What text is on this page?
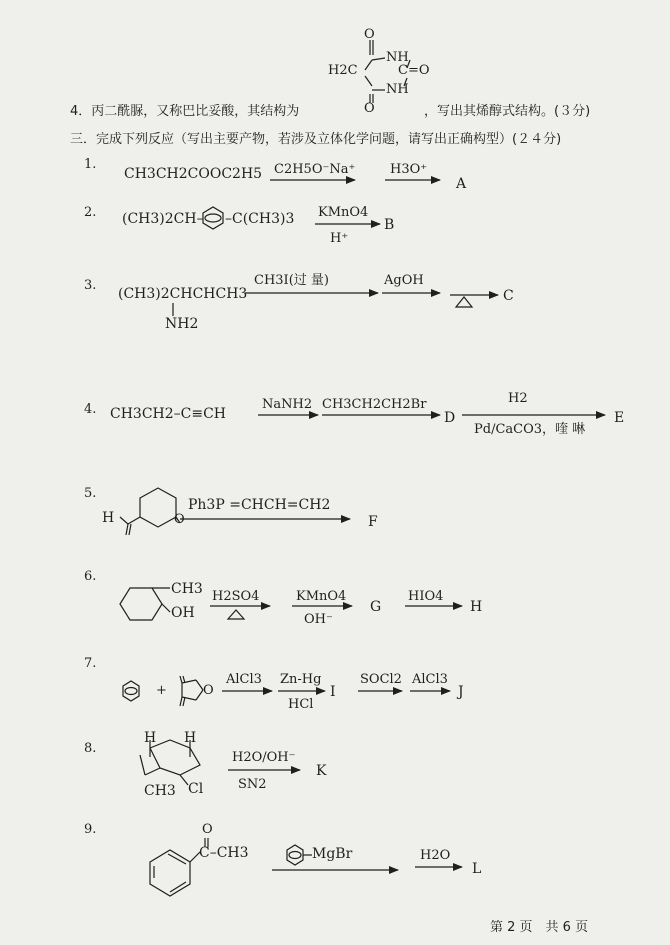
O
NH
H2C	C=O
NH
O
4．丙二酰脲，又称巴比妥酸，其结构为	，写出其烯醇式结构。(３分)
三．完成下列反应（写出主要产物，若涉及立体化学问题，请写出正确构型）(２４分)
1.
CH3CH2COOC2H5 C2H5O⁻Na⁺	H3O⁺
A
2. (CH3)2CH– –C(CH3)3 KMnO4
H⁺
B
3.
(CH3)2CHCHCH3
NH2
CH3I(过 量)	AgOH
C
4. CH3CH2–C≡CH
NaNH2 CH3CH2CH2Br
D
H2
Pd/CaCO3，喹 啉
E
5.
H	O
Ph3P =CHCH=CH2
F
6.
CH3
OH
H2SO4	KMnO4
OH⁻
G
HIO4
H
7.
+	O
AlCl3 Zn-Hg
HCl
I
SOCl2 AlCl3
J
8.
H H
CH3 Cl
H2O/OH⁻
SN2
K
9.	O
C–CH3	MgBr	H2O
L
第 2 页　共 6 页
